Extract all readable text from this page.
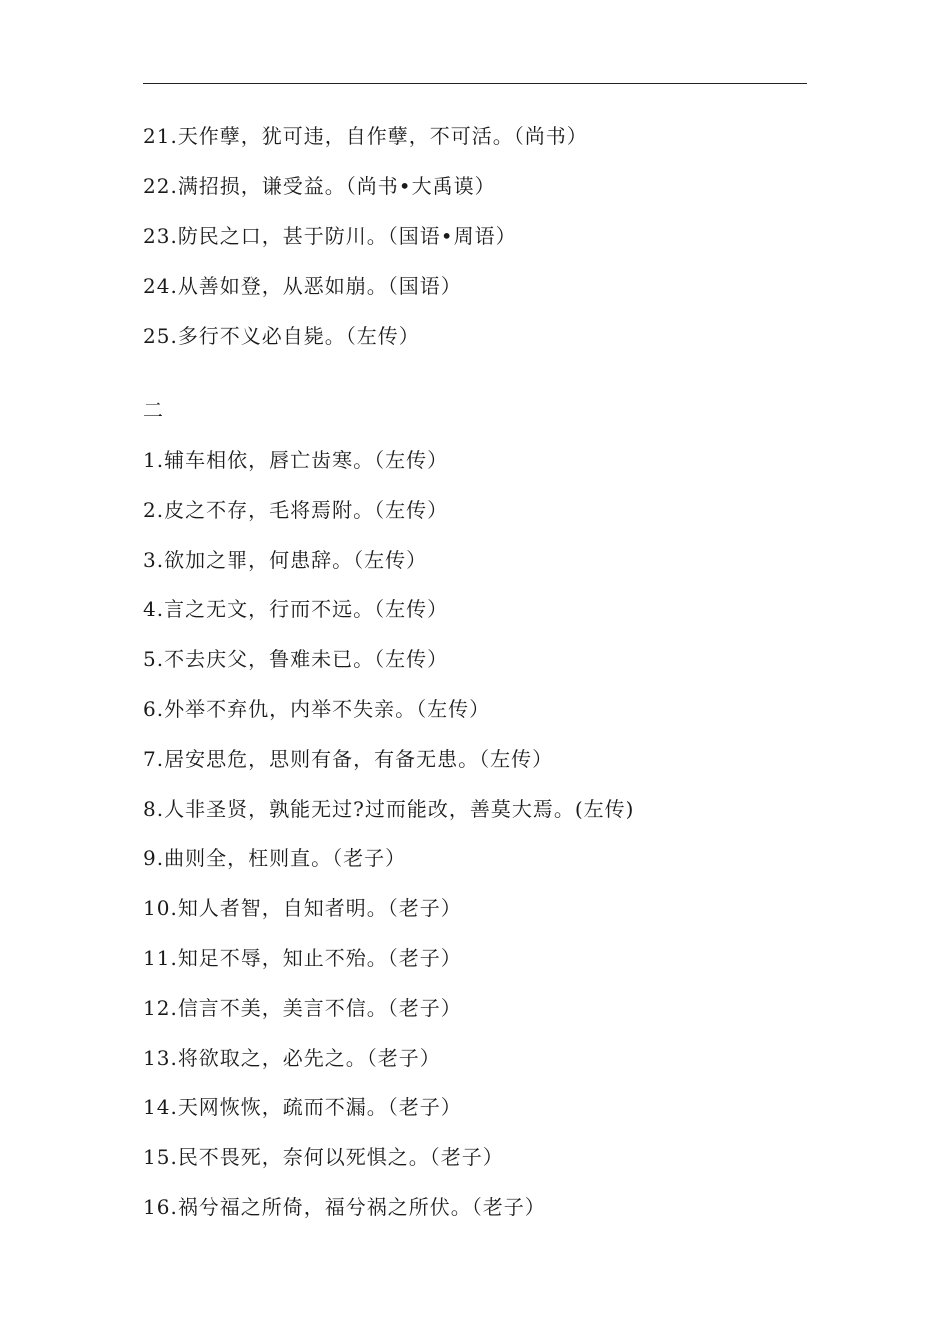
21.天作孽，犹可违，自作孽，不可活。（尚书）
22.满招损，谦受益。（尚书•大禹谟）
23.防民之口，甚于防川。（国语•周语）
24.从善如登，从恶如崩。（国语）
25.多行不义必自毙。（左传）
二
1.辅车相依，唇亡齿寒。（左传）
2.皮之不存，毛将焉附。（左传）
3.欲加之罪，何患辞。（左传）
4.言之无文，行而不远。（左传）
5.不去庆父，鲁难未已。（左传）
6.外举不弃仇，内举不失亲。（左传）
7.居安思危，思则有备，有备无患。（左传）
8.人非圣贤，孰能无过?过而能改，善莫大焉。(左传)
9.曲则全，枉则直。（老子）
10.知人者智，自知者明。（老子）
11.知足不辱，知止不殆。（老子）
12.信言不美，美言不信。（老子）
13.将欲取之，必先之。（老子）
14.天网恢恢，疏而不漏。（老子）
15.民不畏死，奈何以死惧之。（老子）
16.祸兮福之所倚，福兮祸之所伏。（老子）
